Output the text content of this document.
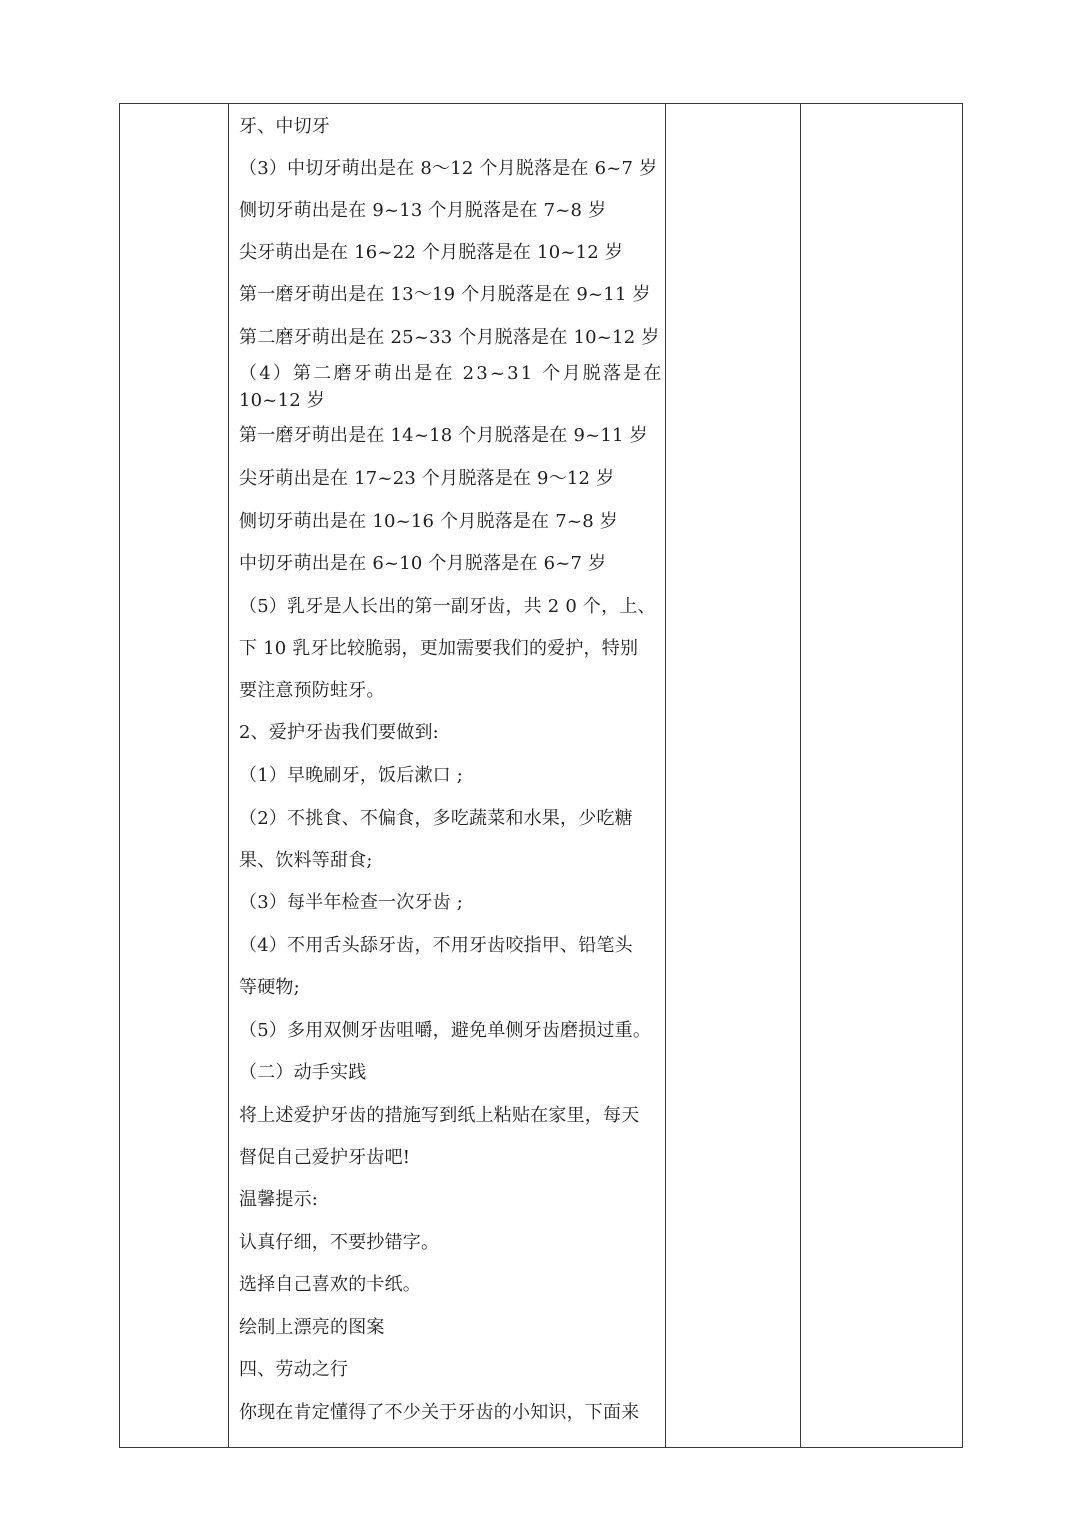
牙、中切牙
（3）中切牙萌出是在 8～12 个月脱落是在 6~7 岁
侧切牙萌出是在 9~13 个月脱落是在 7~8 岁
尖牙萌出是在 16~22 个月脱落是在 10~12 岁
第一磨牙萌出是在 13～19 个月脱落是在 9~11 岁
第二磨牙萌出是在 25~33 个月脱落是在 10~12 岁
（4）第二磨牙萌出是在 23~31 个月脱落是在
10~12 岁
第一磨牙萌出是在 14~18 个月脱落是在 9~11 岁
尖牙萌出是在 17~23 个月脱落是在 9～12 岁
侧切牙萌出是在 10~16 个月脱落是在 7~8 岁
中切牙萌出是在 6~10 个月脱落是在 6~7 岁
（5）乳牙是人长出的第一副牙齿，共 2 0 个，上、
下 10 乳牙比较脆弱，更加需要我们的爱护，特别
要注意预防蛀牙。
2、爱护牙齿我们要做到:
（1）早晚刷牙，饭后漱口 ;
（2）不挑食、不偏食，多吃蔬菜和水果，少吃糖
果、饮料等甜食;
（3）每半年检查一次牙齿 ;
（4）不用舌头舔牙齿，不用牙齿咬指甲、铅笔头
等硬物;
（5）多用双侧牙齿咀嚼，避免单侧牙齿磨损过重。
（二）动手实践
将上述爱护牙齿的措施写到纸上粘贴在家里，每天
督促自己爱护牙齿吧!
温馨提示:
认真仔细，不要抄错字。
选择自己喜欢的卡纸。
绘制上漂亮的图案
四、劳动之行
你现在肯定懂得了不少关于牙齿的小知识，下面来
